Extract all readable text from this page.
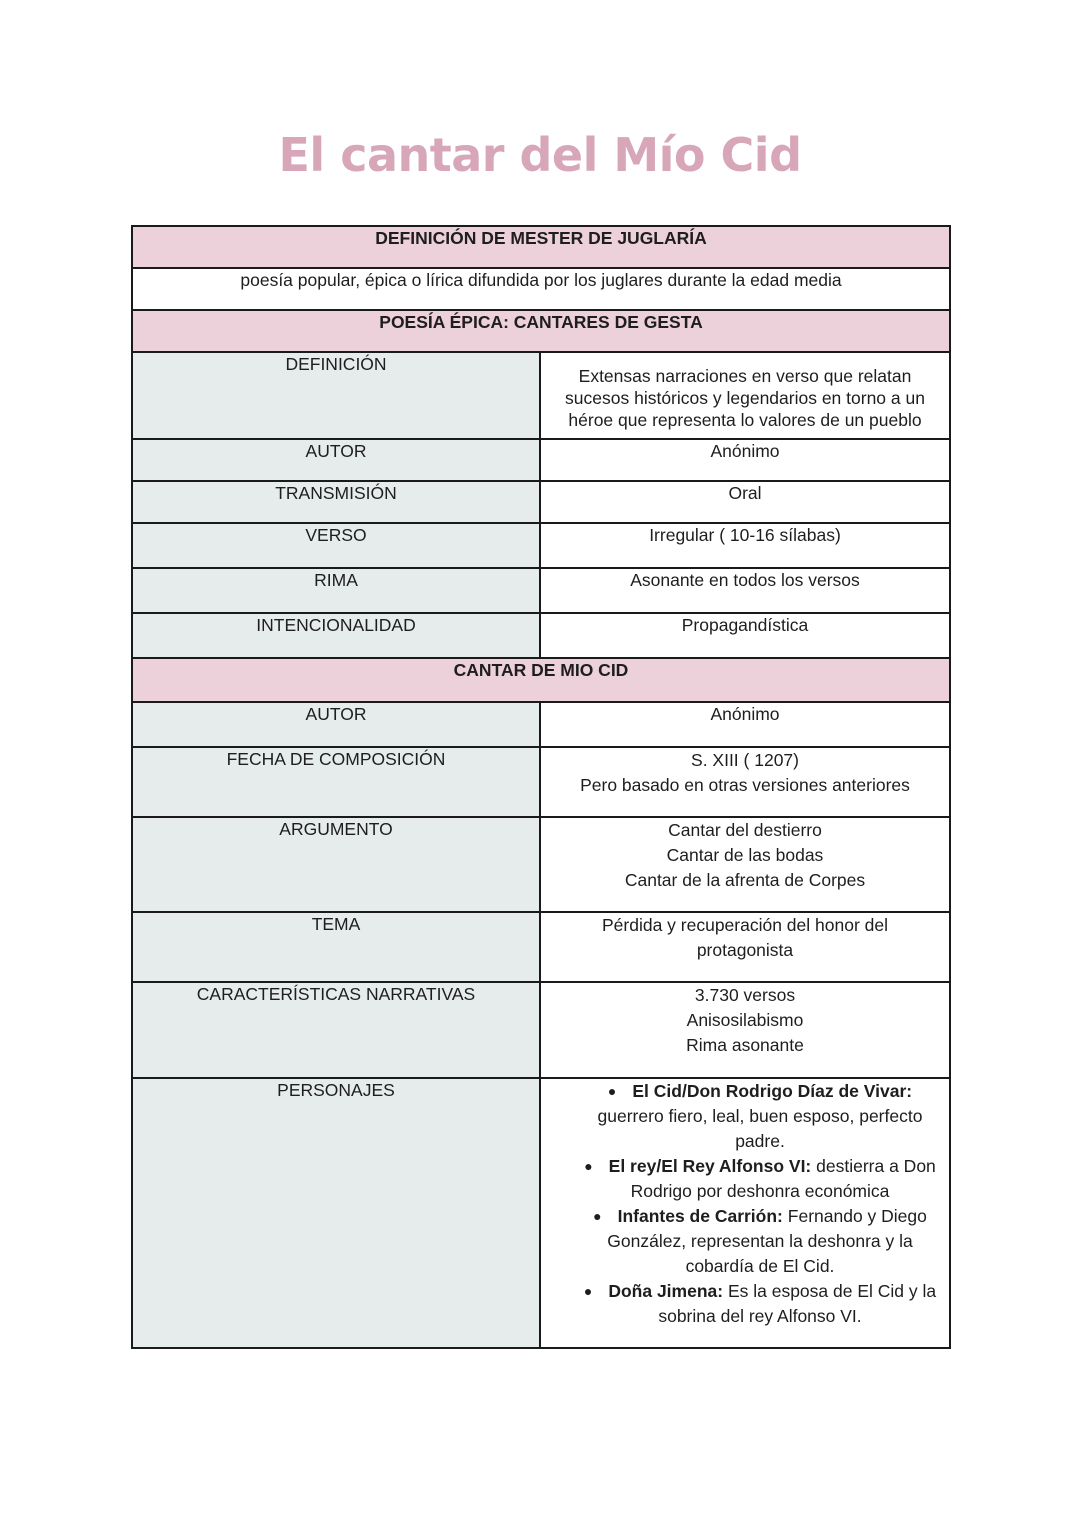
El cantar del Mío Cid
DEFINICIÓN DE MESTER DE JUGLARÍA	
poesía popular, épica o lírica difundida por los juglares durante la edad media	
POESÍA ÉPICA: CANTARES DE GESTA	
DEFINICIÓN	Extensas narraciones en verso que relatan sucesos históricos y legendarios en torno a un héroe que representa lo valores de un pueblo
AUTOR	Anónimo
TRANSMISIÓN	Oral
VERSO	Irregular ( 10-16 sílabas)
RIMA	Asonante en todos los versos
INTENCIONALIDAD	Propagandística
CANTAR DE MIO CID	
AUTOR	Anónimo
FECHA DE COMPOSICIÓN	S. XIII ( 1207)
Pero basado en otras versiones anteriores

ARGUMENTO	Cantar del destierro
Cantar de las bodas
Cantar de la afrenta de Corpes

TEMA	Pérdida y recuperación del honor del
protagonista

CARACTERÍSTICAS NARRATIVAS	3.730 versos
Anisosilabismo
Rima asonante

PERSONAJES	● El Cid/Don Rodrigo Díaz de Vivar: guerrero fiero, leal, buen esposo, perfecto padre.

● El rey/El Rey Alfonso VI: destierra a Don Rodrigo por deshonra económica

● Infantes de Carrión: Fernando y Diego González, representan la deshonra y la cobardía de El Cid.

● Doña Jimena: Es la esposa de El Cid y la sobrina del rey Alfonso VI.
